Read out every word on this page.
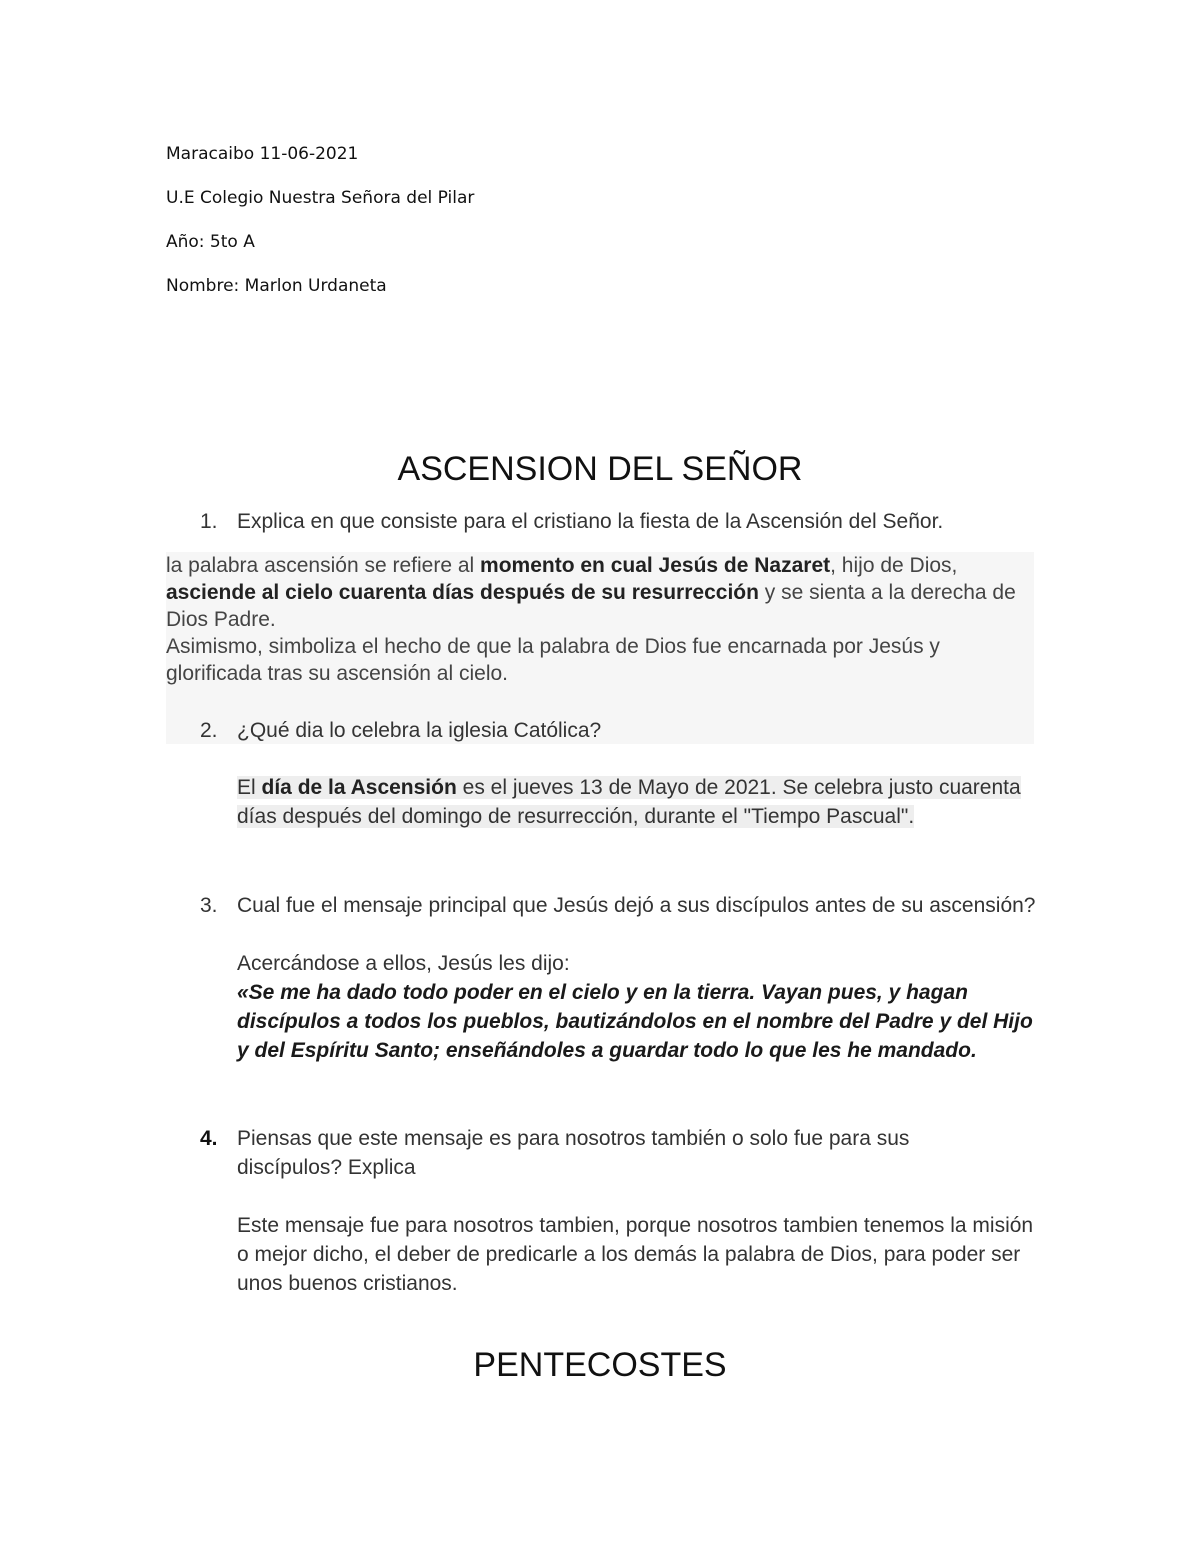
Maracaibo 11-06-2021
U.E Colegio Nuestra Señora del Pilar
Año: 5to A
Nombre: Marlon Urdaneta
ASCENSION DEL SEÑOR
1. Explica en que consiste para el cristiano la fiesta de la Ascensión del Señor.
la palabra ascensión se refiere al momento en cual Jesús de Nazaret, hijo de Dios, asciende al cielo cuarenta días después de su resurrección y se sienta a la derecha de Dios Padre.
Asimismo, simboliza el hecho de que la palabra de Dios fue encarnada por Jesús y glorificada tras su ascensión al cielo.
2. ¿Qué dia lo celebra la iglesia Católica?
El día de la Ascensión es el jueves 13 de Mayo de 2021. Se celebra justo cuarenta días después del domingo de resurrección, durante el "Tiempo Pascual".
3. Cual fue el mensaje principal que Jesús dejó a sus discípulos antes de su ascensión?
Acercándose a ellos, Jesús les dijo:
«Se me ha dado todo poder en el cielo y en la tierra. Vayan pues, y hagan discípulos a todos los pueblos, bautizándolos en el nombre del Padre y del Hijo y del Espíritu Santo; enseñándoles a guardar todo lo que les he mandado.
4. Piensas que este mensaje es para nosotros también o solo fue para sus discípulos? Explica
Este mensaje fue para nosotros tambien, porque nosotros tambien tenemos la misión o mejor dicho, el deber de predicarle a los demás la palabra de Dios, para poder ser unos buenos cristianos.
PENTECOSTES
